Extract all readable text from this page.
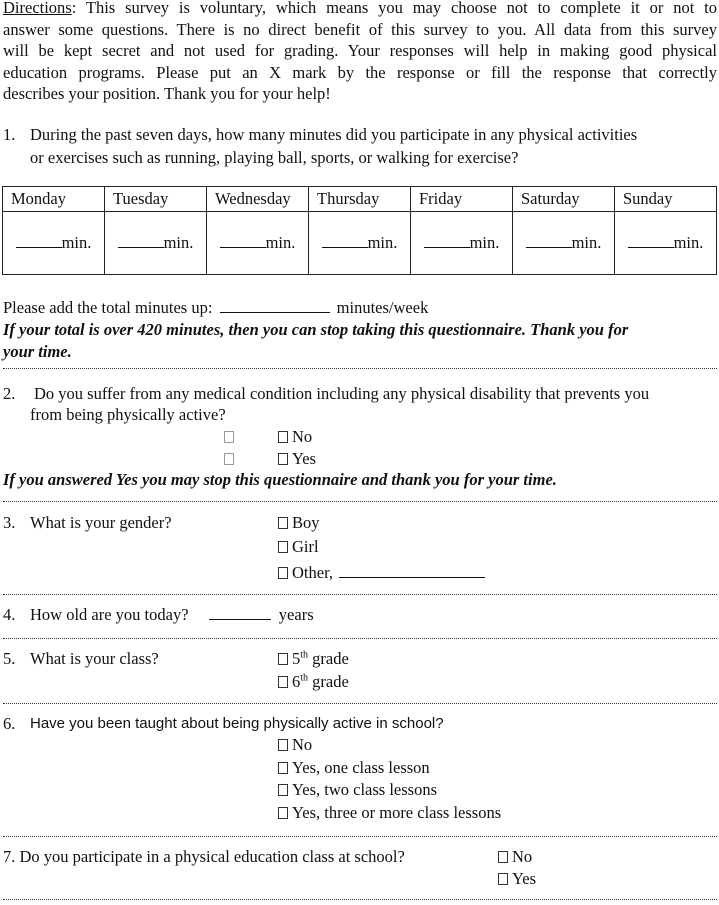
Directions: This survey is voluntary, which means you may choose not to complete it or not to
answer some questions. There is no direct benefit of this survey to you. All data from this survey
will be kept secret and not used for grading. Your responses will help in making good physical
education programs. Please put an X mark by the response or fill the response that correctly
describes your position. Thank you for your help!
1. During the past seven days, how many minutes did you participate in any physical activities
or exercises such as running, playing ball, sports, or walking for exercise?
Monday	Tuesday	Wednesday	Thursday	Friday	Saturday	Sunday
min.	min.	min.	min.	min.	min.	min.
Please add the total minutes up:	minutes/week
If your total is over 420 minutes, then you can stop taking this questionnaire. Thank you for
your time.
2. Do you suffer from any medical condition including any physical disability that prevents you
from being physically active?
No
Yes
If you answered Yes you may stop this questionnaire and thank you for your time.
3. What is your gender?	Boy
Girl
Other,
4. How old are you today?	years
5. What is your class?	5th grade
6th grade
6. Have you been taught about being physically active in school?
No
Yes, one class lesson
Yes, two class lessons
Yes, three or more class lessons
7. Do you participate in a physical education class at school?	No
Yes
